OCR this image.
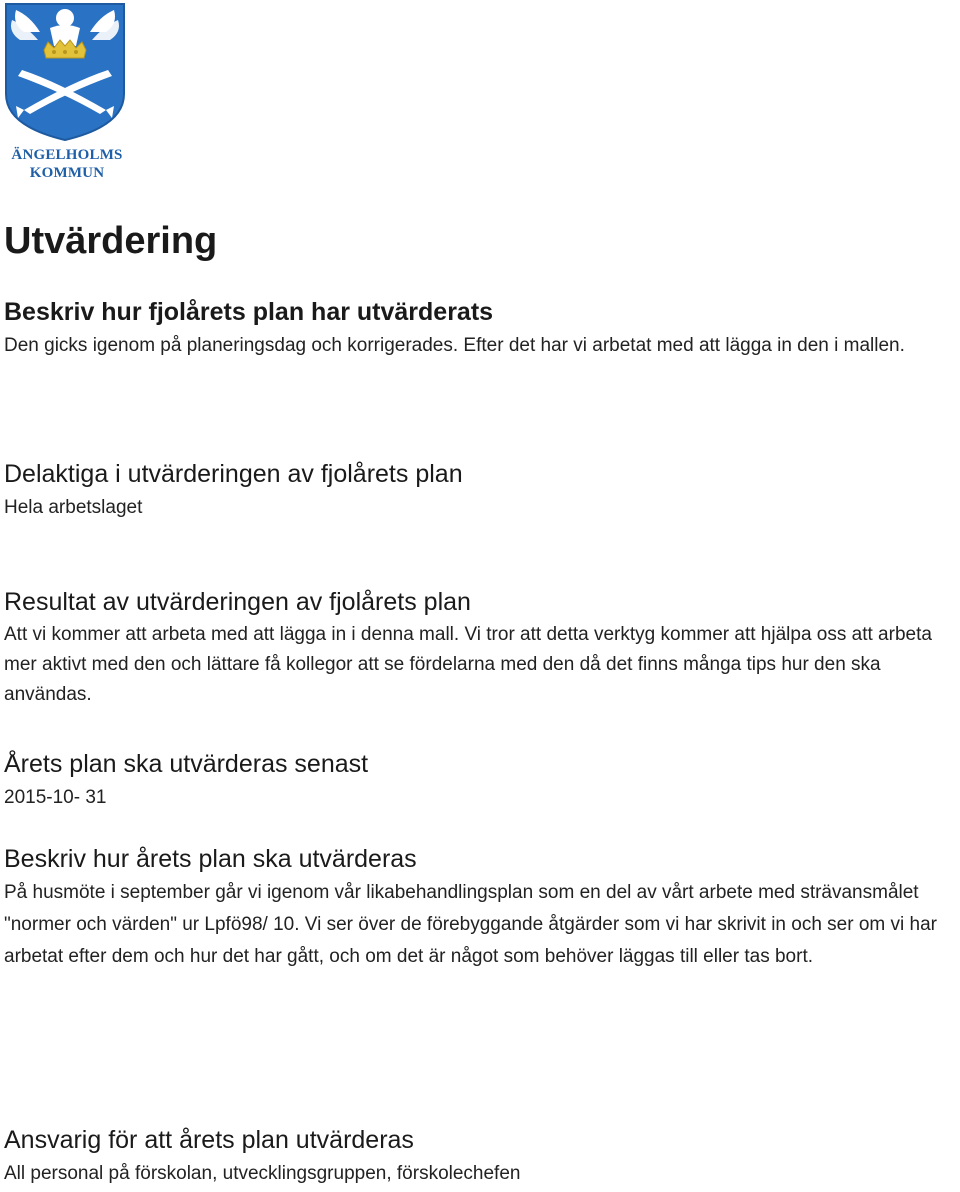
ÄNGELHOLMS
KOMMUN
Utvärdering
Beskriv hur fjolårets plan har utvärderats

Den gicks igenom på planeringsdag och korrigerades. Efter det har vi arbetat med att lägga in den i mallen.

Delaktiga i utvärderingen av fjolårets plan

Hela arbetslaget

Resultat av utvärderingen av fjolårets plan

Att vi kommer att arbeta med att lägga in i denna mall. Vi tror att detta verktyg kommer att hjälpa oss att arbeta mer aktivt med den och lättare få kollegor att se fördelarna med den då det finns många tips hur den ska användas.

Årets plan ska utvärderas senast

2015-10- 31

Beskriv hur årets plan ska utvärderas

På husmöte i september går vi igenom vår likabehandlingsplan som en del av vårt arbete med strävansmålet "normer och värden" ur Lpfö98/ 10. Vi ser över de förebyggande åtgärder som vi har skrivit in och ser om vi har arbetat efter dem och hur det har gått, och om det är något som behöver läggas till eller tas bort.

Ansvarig för att årets plan utvärderas

All personal på förskolan, utvecklingsgruppen, förskolechefen
